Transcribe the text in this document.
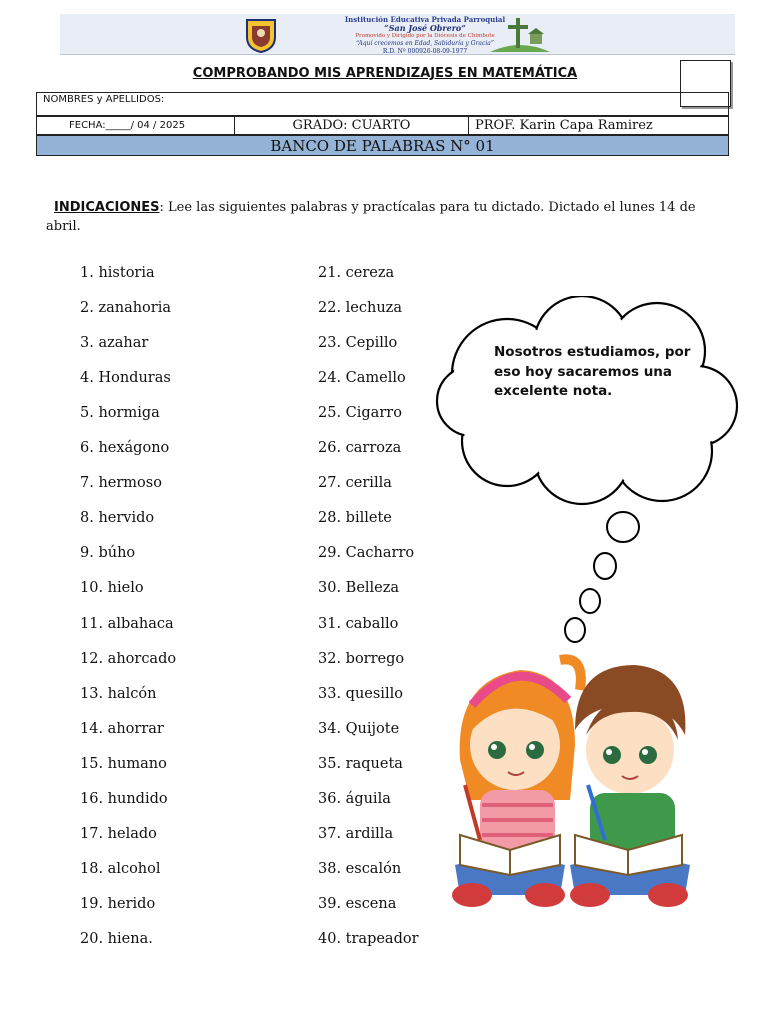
Institución Educativa Privada Parroquial
“San José Obrero”
Promovido y Dirigido por la Diócesis de Chimbote
“Aquí crecemos en Edad, Sabiduría y Gracia”
R.D. Nº 000926-08-09-1977
COMPROBANDO MIS APRENDIZAJES EN MATEMÁTICA
NOMBRES y APELLIDOS:
FECHA:_____/ 04 / 2025	GRADO: CUARTO	PROF. Karin Capa Ramirez
BANCO DE PALABRAS N° 01
INDICACIONES: Lee las siguientes palabras y practícalas para tu dictado. Dictado el lunes 14 de abril.
1. historia
2. zanahoria
3. azahar
4. Honduras
5. hormiga
6. hexágono
7. hermoso
8. hervido
9. búho
10. hielo
11. albahaca
12. ahorcado
13. halcón
14. ahorrar
15. humano
16. hundido
17. helado
18. alcohol
19. herido
20. hiena.
21. cereza
22. lechuza
23. Cepillo
24. Camello
25. Cigarro
26. carroza
27. cerilla
28. billete
29. Cacharro
30. Belleza
31. caballo
32. borrego
33. quesillo
34. Quijote
35. raqueta
36. águila
37. ardilla
38. escalón
39. escena
40. trapeador
Nosotros estudiamos, por eso hoy sacaremos una excelente nota.
